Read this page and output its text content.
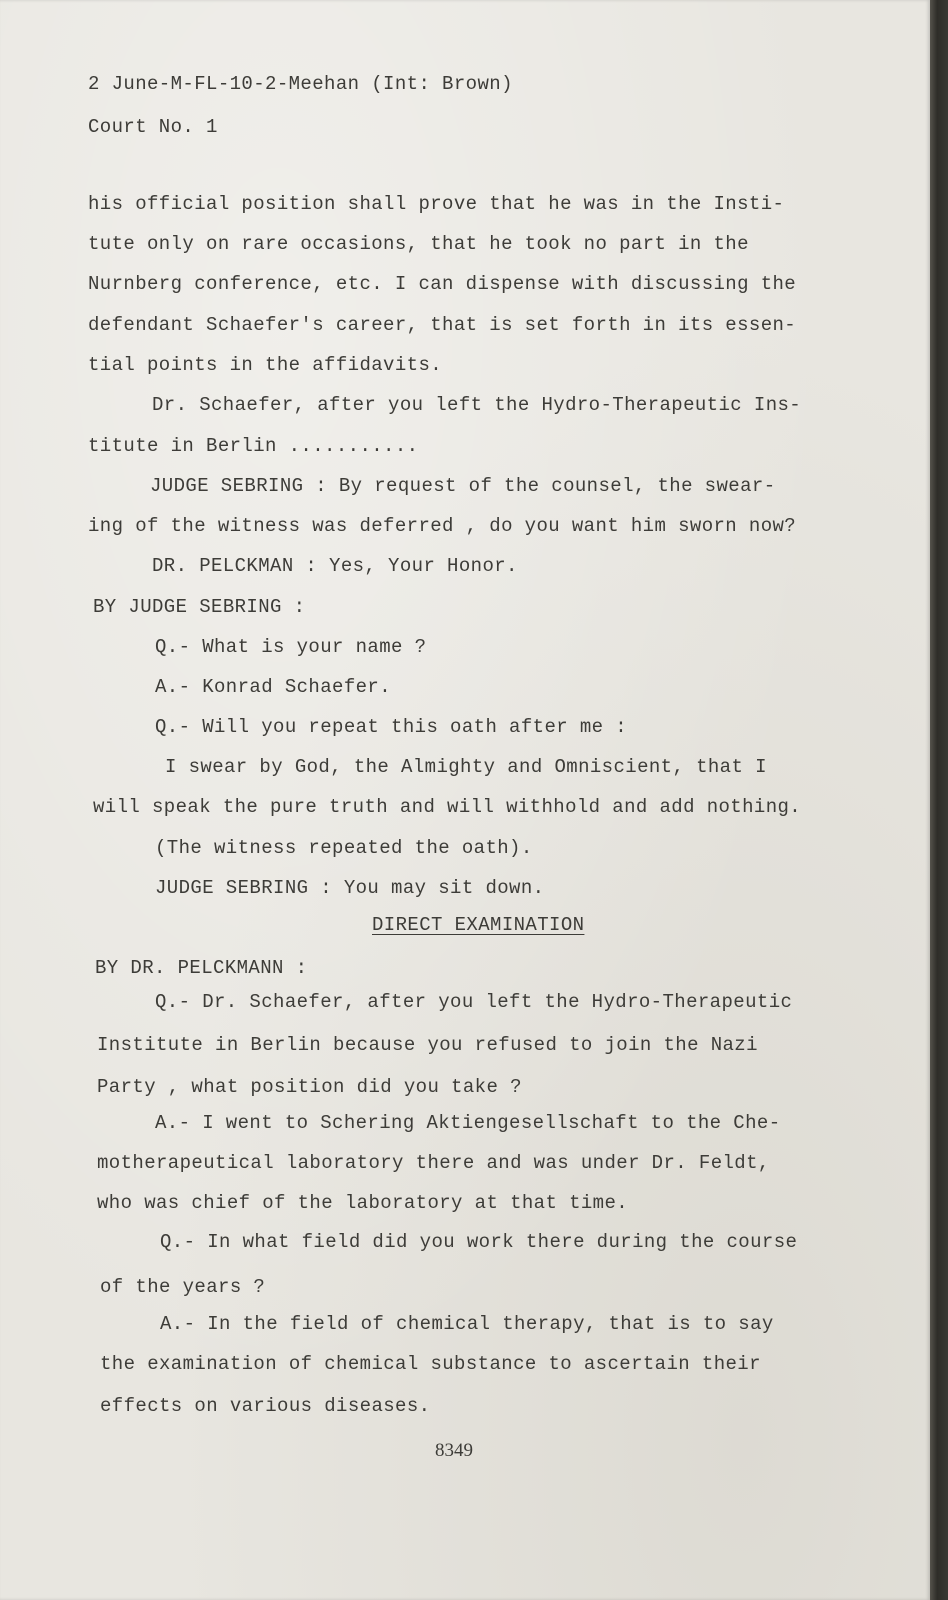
2 June-M-FL-10-2-Meehan (Int: Brown)

Court No. 1

his official position shall prove that he was in the Insti-

tute only on rare occasions, that he took no part in the

Nurnberg conference, etc. I can dispense with discussing the

defendant Schaefer's career, that is set forth in its essen-

tial points in the affidavits.

Dr. Schaefer, after you left the Hydro-Therapeutic Ins-

titute in Berlin ...........

JUDGE SEBRING : By request of the counsel, the swear-

ing of the witness was deferred , do you want him sworn now?

DR. PELCKMAN : Yes, Your Honor.

BY JUDGE SEBRING :

Q.- What is your name ?

A.- Konrad Schaefer.

Q.- Will you repeat this oath after me :

I swear by God, the Almighty and Omniscient, that I

will speak the pure truth and will withhold and add nothing.

(The witness repeated the oath).

JUDGE SEBRING : You may sit down.

DIRECT EXAMINATION

BY DR. PELCKMANN :

Q.- Dr. Schaefer, after you left the Hydro-Therapeutic

Institute in Berlin because you refused to join the Nazi

Party , what position did you take ?

A.- I went to Schering Aktiengesellschaft to the Che-

motherapeutical laboratory there and was under Dr. Feldt,

who was chief of the laboratory at that time.

Q.- In what field did you work there during the course

of the years ?

A.- In the field of chemical therapy, that is to say

the examination of chemical substance to ascertain their

effects on various diseases.

8349
